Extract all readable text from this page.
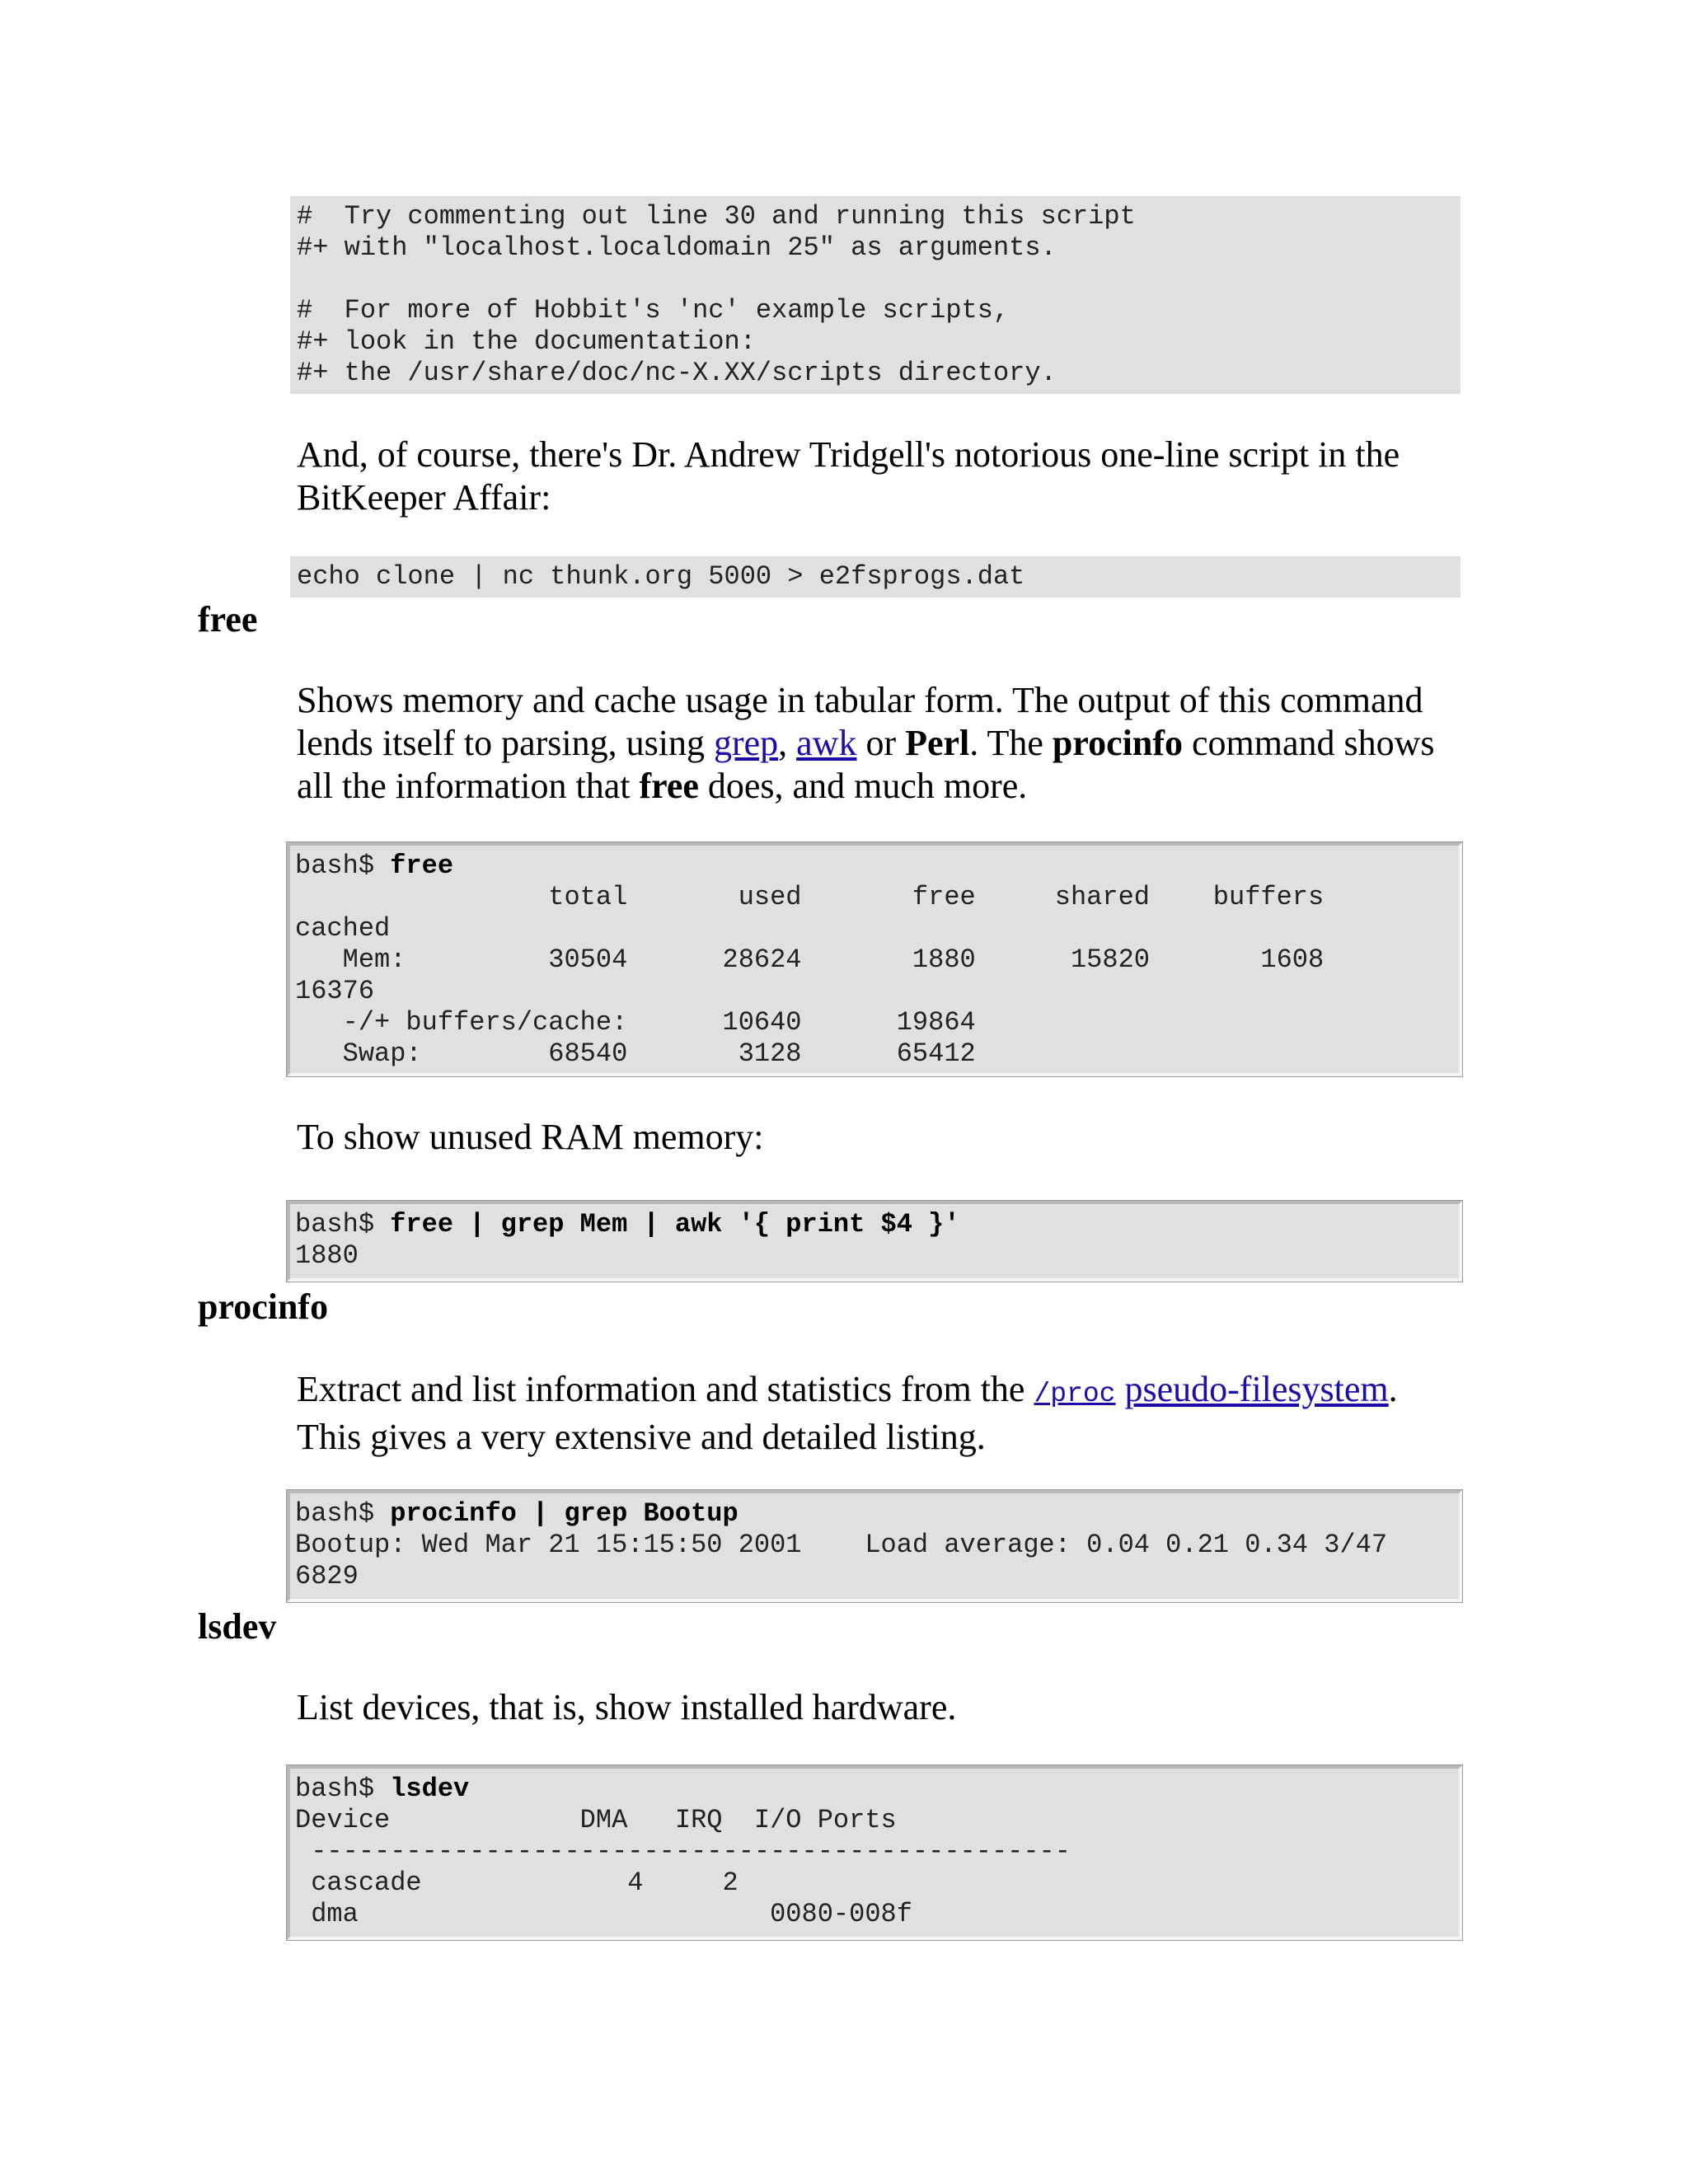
#  Try commenting out line 30 and running this script
#+ with "localhost.localdomain 25" as arguments.

#  For more of Hobbit's 'nc' example scripts,
#+ look in the documentation:
#+ the /usr/share/doc/nc-X.XX/scripts directory.

And, of course, there's Dr. Andrew Tridgell's notorious one-line script in the BitKeeper Affair:

echo clone | nc thunk.org 5000 > e2fsprogs.dat
free

Shows memory and cache usage in tabular form. The output of this command lends itself to parsing, using grep, awk or Perl. The procinfo command shows all the information that free does, and much more.

bash$ free
total       used       free     shared    buffers
cached
Mem:         30504      28624       1880      15820       1608
16376
-/+ buffers/cache:      10640      19864
Swap:        68540       3128      65412

To show unused RAM memory:

bash$ free | grep Mem | awk '{ print $4 }'
1880
procinfo

Extract and list information and statistics from the /proc pseudo-filesystem. This gives a very extensive and detailed listing.

bash$ procinfo | grep Bootup
Bootup: Wed Mar 21 15:15:50 2001    Load average: 0.04 0.21 0.34 3/47
6829
lsdev

List devices, that is, show installed hardware.

bash$ lsdev
Device            DMA   IRQ  I/O Ports
------------------------------------------------
cascade             4     2
dma                          0080-008f
